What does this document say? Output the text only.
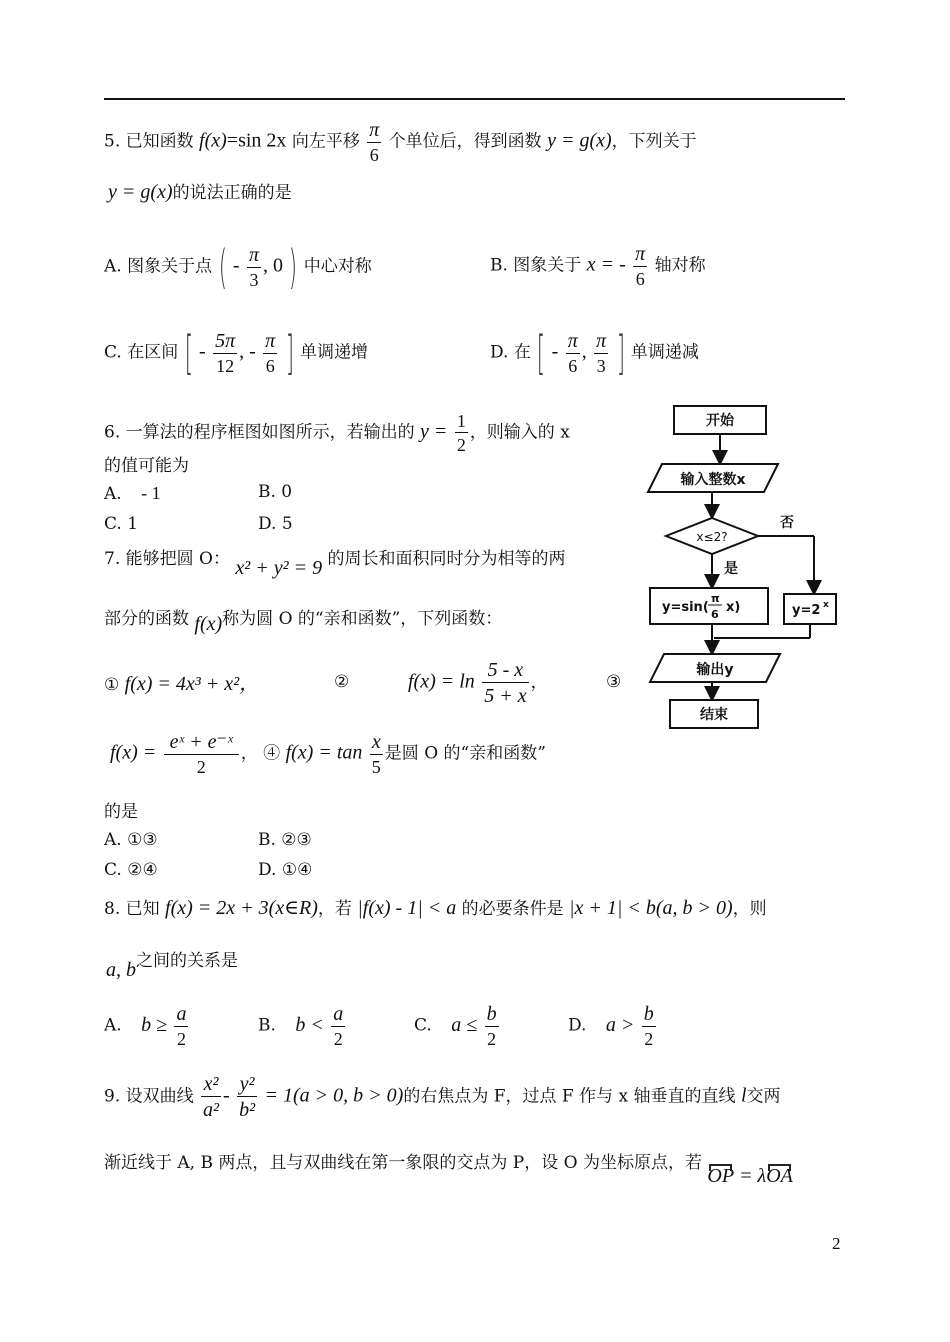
5. 已知函数 f(x)=sin 2x 向左平移 $\frac{\pi}{6}$ 个单位后，得到函数 y = g(x)，下列关于
y = g(x)的说法正确的是
A. 图象关于点 ( - $\frac{\pi}{3}$ , 0 ) 中心对称	B. 图象关于 x = - $\frac{\pi}{6}$ 轴对称
C. 在区间 [ - $\frac{5\pi}{12}$ , - $\frac{\pi}{6}$ ] 单调递增	D. 在 [ - $\frac{\pi}{6}$ , $\frac{\pi}{3}$ ] 单调递减
6. 一算法的程序框图如图所示，若输出的 $y = \frac{1}{2}$ ，则输入的 x
的值可能为
A. - 1	B. 0
C. 1	D. 5
开始
输入整数x
x≤2?
否
是
y=sin(
π
6 x)	y=2 x
输出y
结束
7. 能够把圆 O： x² + y² = 9 的周长和面积同时分为相等的两
部分的函数 f(x)称为圆 O 的“亲和函数”，下列函数：
① f(x) = 4x³ + x²，	②	$f(x) = \ln \frac{5 - x}{5 + x}$ ，	③
$f(x) = \frac{\text{eˣ + e⁻ˣ}}{2}$ ， ④ $f(x) = \tan \frac{x}{5}$ 是圆 O 的“亲和函数”
的是
A. ①③	B. ②③
C. ②④	D. ①④
8. 已知 f(x) = 2x + 3(x∈R)，若 |f(x) - 1| < a 的必要条件是 |x + 1| < b(a, b > 0)，则
a, b之间的关系是
A. $b \ge \frac{a}{2}$	B. $b < \frac{a}{2}$	C. $a \le \frac{b}{2}$	D. $a > \frac{b}{2}$
9. 设双曲线 $\frac{\text{x²}}{\text{a²}} - \frac{\text{y²}}{\text{b²}} = 1(a > 0$, b > 0)的右焦点为 F，过点 F 作与 x 轴垂直的直线 l交两
渐近线于 A, B 两点，且与双曲线在第一象限的交点为 P，设 O 为坐标原点，若 OP = λOA
2
